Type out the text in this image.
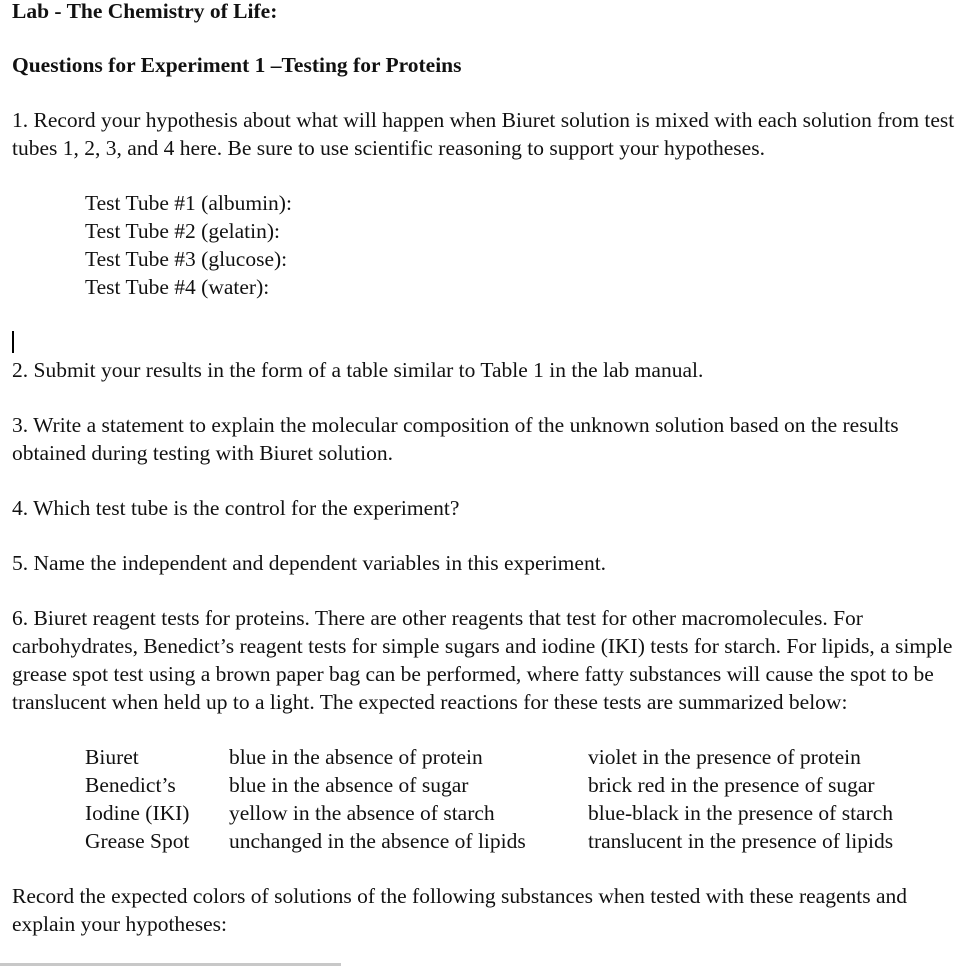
Lab - The Chemistry of Life:
Questions for Experiment 1 –Testing for Proteins
1. Record your hypothesis about what will happen when Biuret solution is mixed with each solution from test tubes 1, 2, 3, and 4 here. Be sure to use scientific reasoning to support your hypotheses.
Test Tube #1 (albumin):
Test Tube #2 (gelatin):
Test Tube #3 (glucose):
Test Tube #4 (water):
2. Submit your results in the form of a table similar to Table 1 in the lab manual.
3. Write a statement to explain the molecular composition of the unknown solution based on the results obtained during testing with Biuret solution.
4. Which test tube is the control for the experiment?
5. Name the independent and dependent variables in this experiment.
6. Biuret reagent tests for proteins. There are other reagents that test for other macromolecules. For carbohydrates, Benedict’s reagent tests for simple sugars and iodine (IKI) tests for starch. For lipids, a simple grease spot test using a brown paper bag can be performed, where fatty substances will cause the spot to be translucent when held up to a light. The expected reactions for these tests are summarized below:
Biuret	blue in the absence of protein	violet in the presence of protein
Benedict’s	blue in the absence of sugar	brick red in the presence of sugar
Iodine (IKI)	yellow in the absence of starch	blue-black in the presence of starch
Grease Spot	unchanged in the absence of lipids	translucent in the presence of lipids
Record the expected colors of solutions of the following substances when tested with these reagents and explain your hypotheses:
